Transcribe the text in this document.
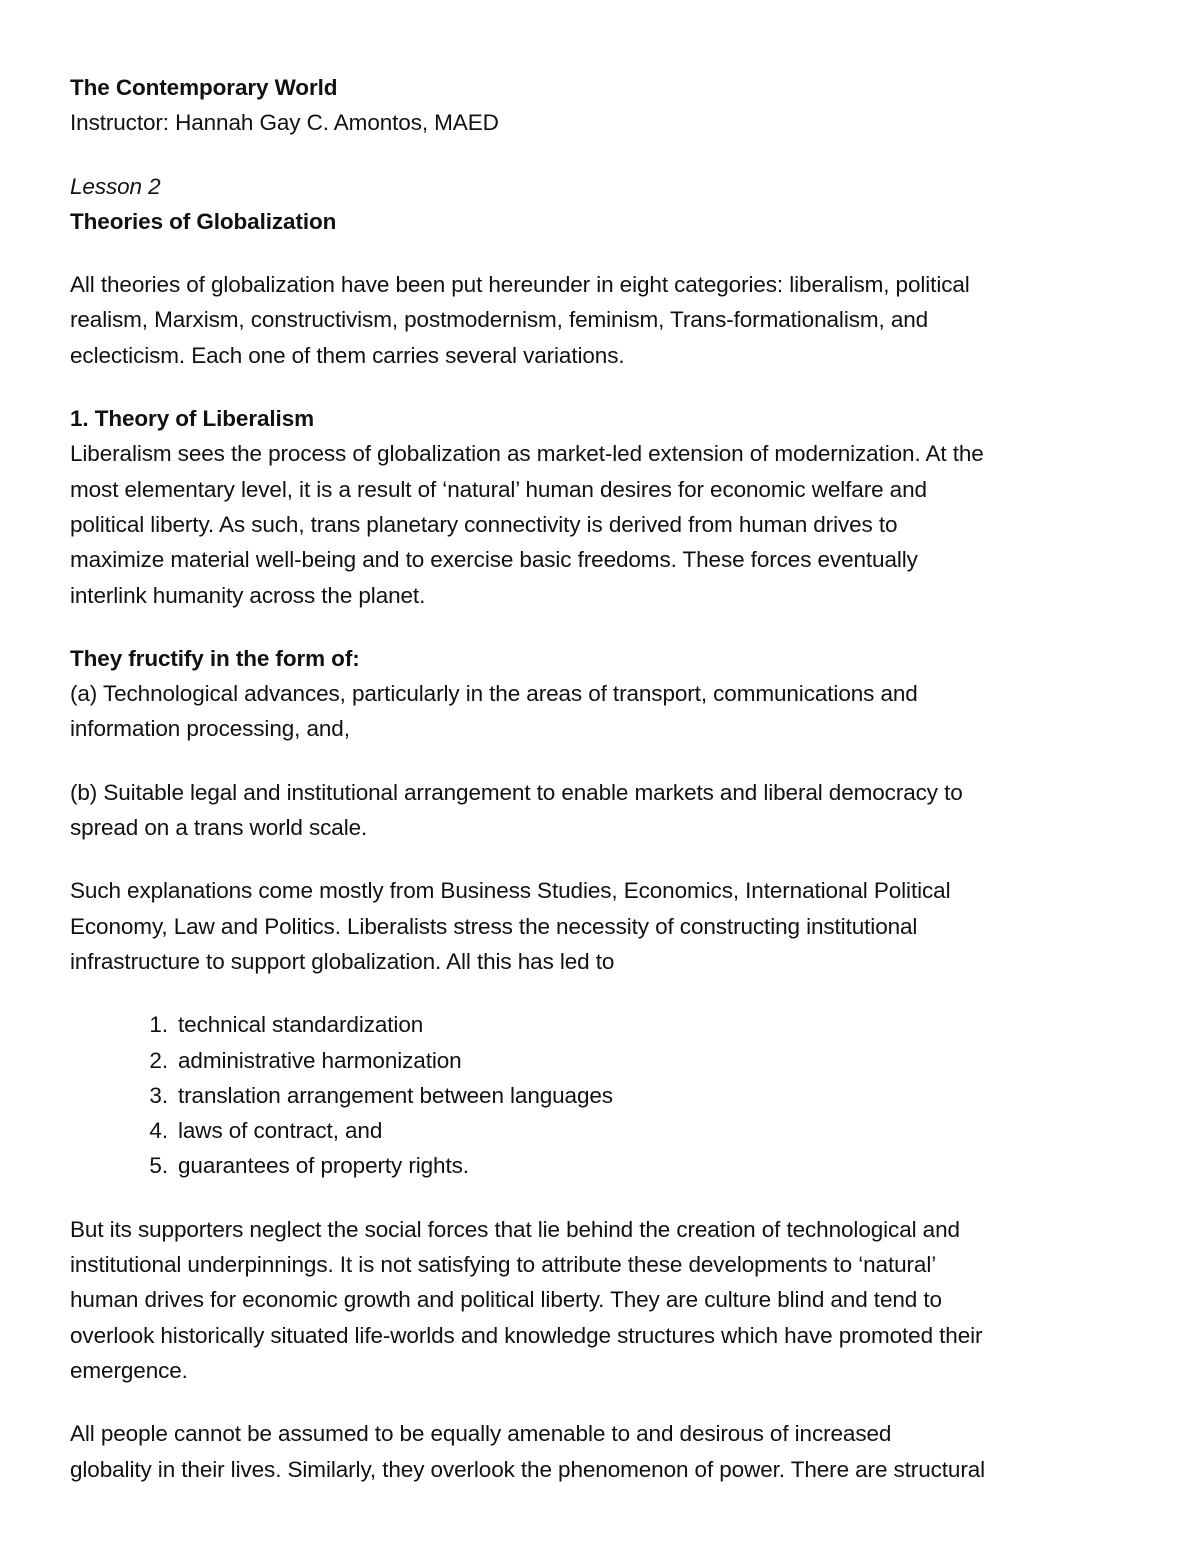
The Contemporary World
Instructor: Hannah Gay C. Amontos, MAED
Lesson 2
Theories of Globalization
All theories of globalization have been put hereunder in eight categories: liberalism, political
realism, Marxism, constructivism, postmodernism, feminism, Trans-formationalism, and
eclecticism. Each one of them carries several variations.
1. Theory of Liberalism
Liberalism sees the process of globalization as market-led extension of modernization. At the
most elementary level, it is a result of ‘natural’ human desires for economic welfare and
political liberty. As such, trans planetary connectivity is derived from human drives to
maximize material well-being and to exercise basic freedoms. These forces eventually
interlink humanity across the planet.
They fructify in the form of:
(a) Technological advances, particularly in the areas of transport, communications and
information processing, and,
(b) Suitable legal and institutional arrangement to enable markets and liberal democracy to
spread on a trans world scale.
Such explanations come mostly from Business Studies, Economics, International Political
Economy, Law and Politics. Liberalists stress the necessity of constructing institutional
infrastructure to support globalization. All this has led to
1. technical standardization
2. administrative harmonization
3. translation arrangement between languages
4. laws of contract, and
5. guarantees of property rights.
But its supporters neglect the social forces that lie behind the creation of technological and
institutional underpinnings. It is not satisfying to attribute these developments to ‘natural’
human drives for economic growth and political liberty. They are culture blind and tend to
overlook historically situated life-worlds and knowledge structures which have promoted their
emergence.
All people cannot be assumed to be equally amenable to and desirous of increased
globality in their lives. Similarly, they overlook the phenomenon of power. There are structural
